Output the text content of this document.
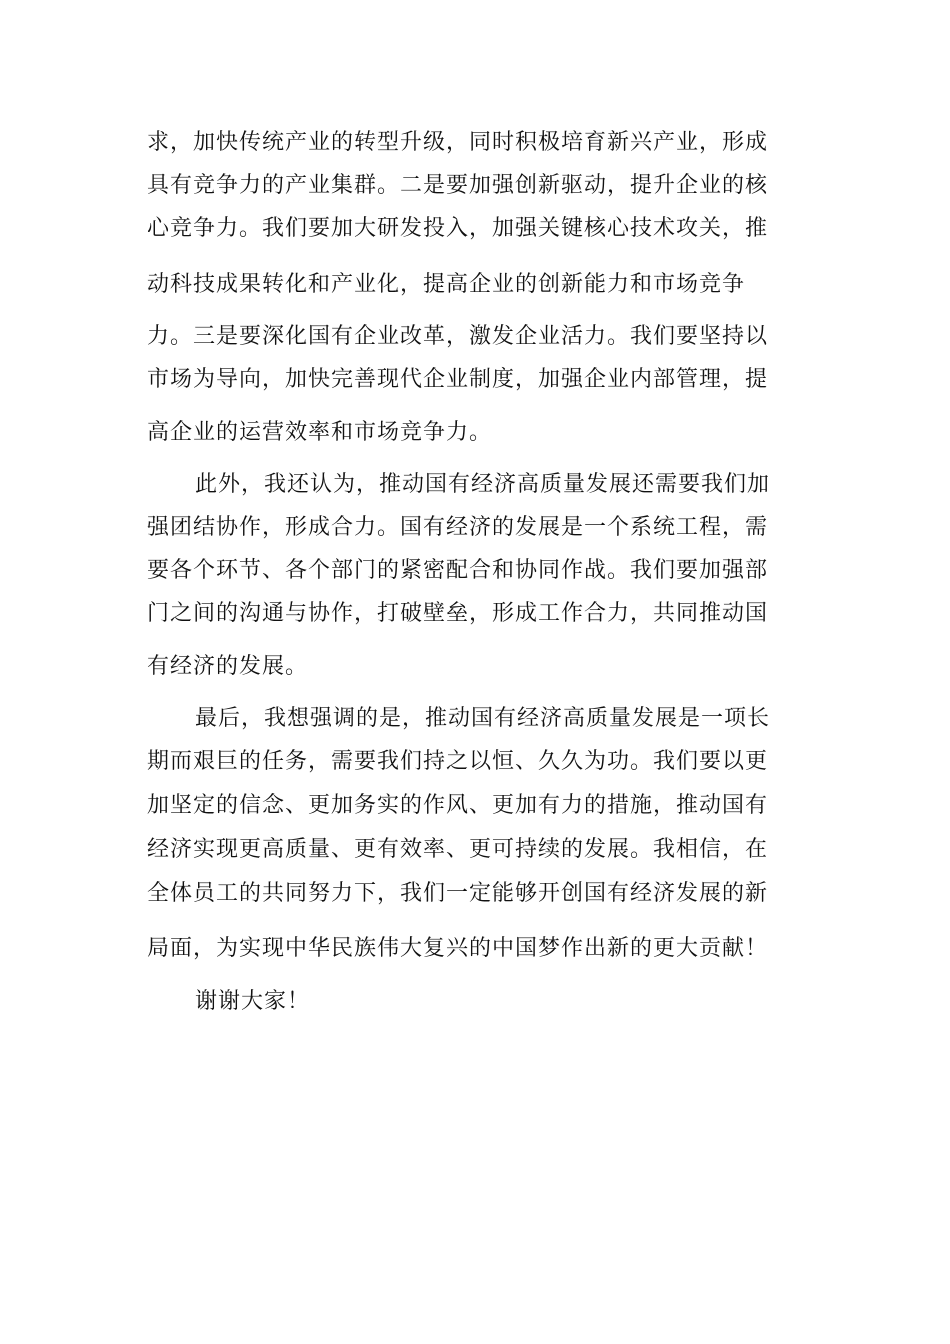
求，加快传统产业的转型升级，同时积极培育新兴产业，形成
具有竞争力的产业集群。二是要加强创新驱动，提升企业的核
心竞争力。我们要加大研发投入，加强关键核心技术攻关，推
动科技成果转化和产业化，提高企业的创新能力和市场竞争
力。三是要深化国有企业改革，激发企业活力。我们要坚持以
市场为导向，加快完善现代企业制度，加强企业内部管理，提
高企业的运营效率和市场竞争力。
此外，我还认为，推动国有经济高质量发展还需要我们加
强团结协作，形成合力。国有经济的发展是一个系统工程，需
要各个环节、各个部门的紧密配合和协同作战。我们要加强部
门之间的沟通与协作，打破壁垒，形成工作合力，共同推动国
有经济的发展。
最后，我想强调的是，推动国有经济高质量发展是一项长
期而艰巨的任务，需要我们持之以恒、久久为功。我们要以更
加坚定的信念、更加务实的作风、更加有力的措施，推动国有
经济实现更高质量、更有效率、更可持续的发展。我相信，在
全体员工的共同努力下，我们一定能够开创国有经济发展的新
局面，为实现中华民族伟大复兴的中国梦作出新的更大贡献！
谢谢大家！
